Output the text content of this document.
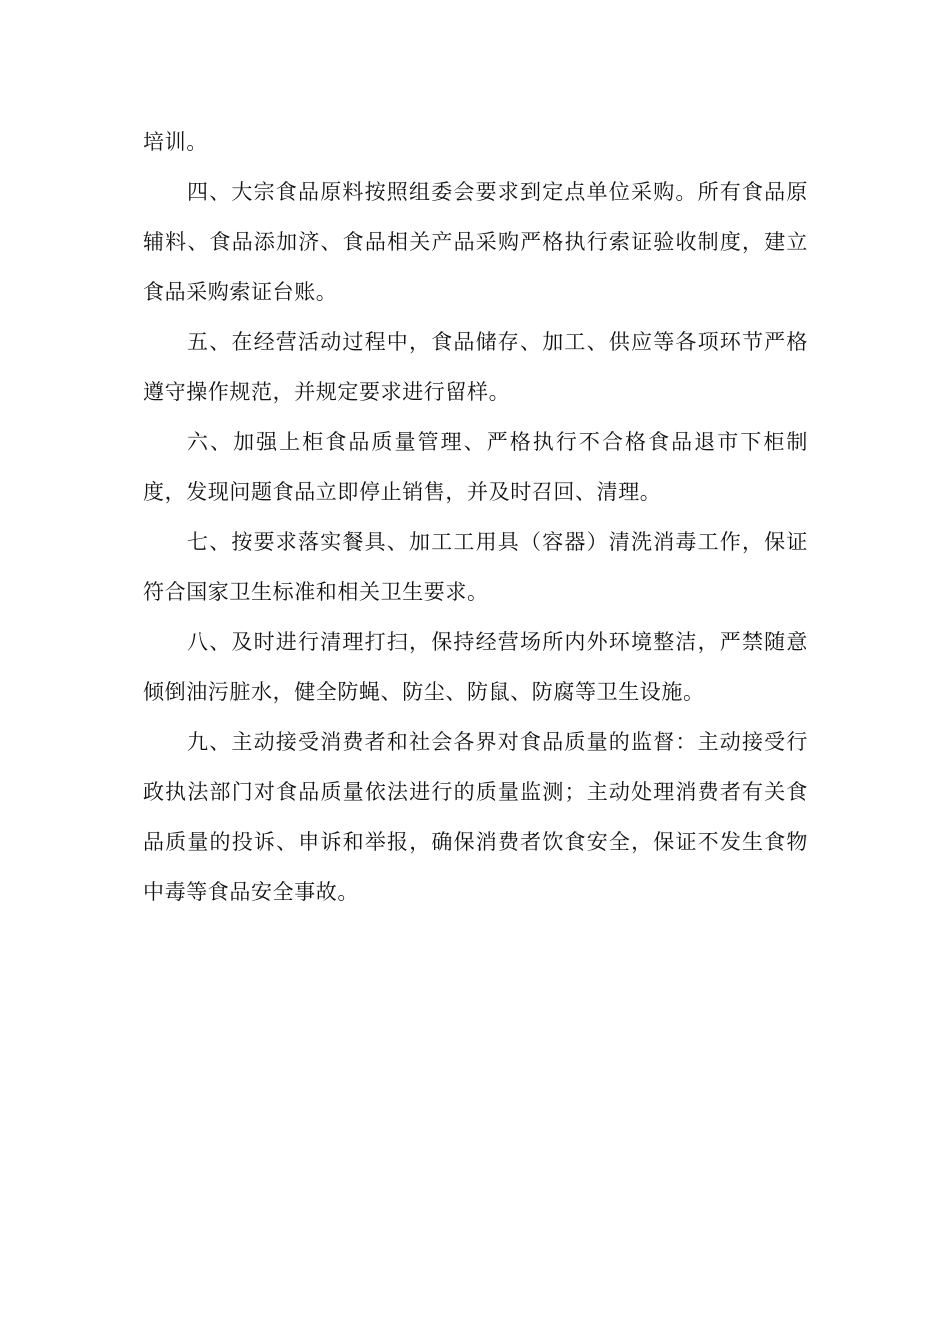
培训。

四、大宗食品原料按照组委会要求到定点单位采购。所有食品原辅料、食品添加济、食品相关产品采购严格执行索证验收制度，建立食品采购索证台账。

五、在经营活动过程中，食品储存、加工、供应等各项环节严格遵守操作规范，并规定要求进行留样。

六、加强上柜食品质量管理、严格执行不合格食品退市下柜制度，发现问题食品立即停止销售，并及时召回、清理。

七、按要求落实餐具、加工工用具（容器）清洗消毒工作，保证符合国家卫生标准和相关卫生要求。

八、及时进行清理打扫，保持经营场所内外环境整洁，严禁随意倾倒油污脏水，健全防蝇、防尘、防鼠、防腐等卫生设施。

九、主动接受消费者和社会各界对食品质量的监督：主动接受行政执法部门对食品质量依法进行的质量监测；主动处理消费者有关食品质量的投诉、申诉和举报，确保消费者饮食安全，保证不发生食物中毒等食品安全事故。
